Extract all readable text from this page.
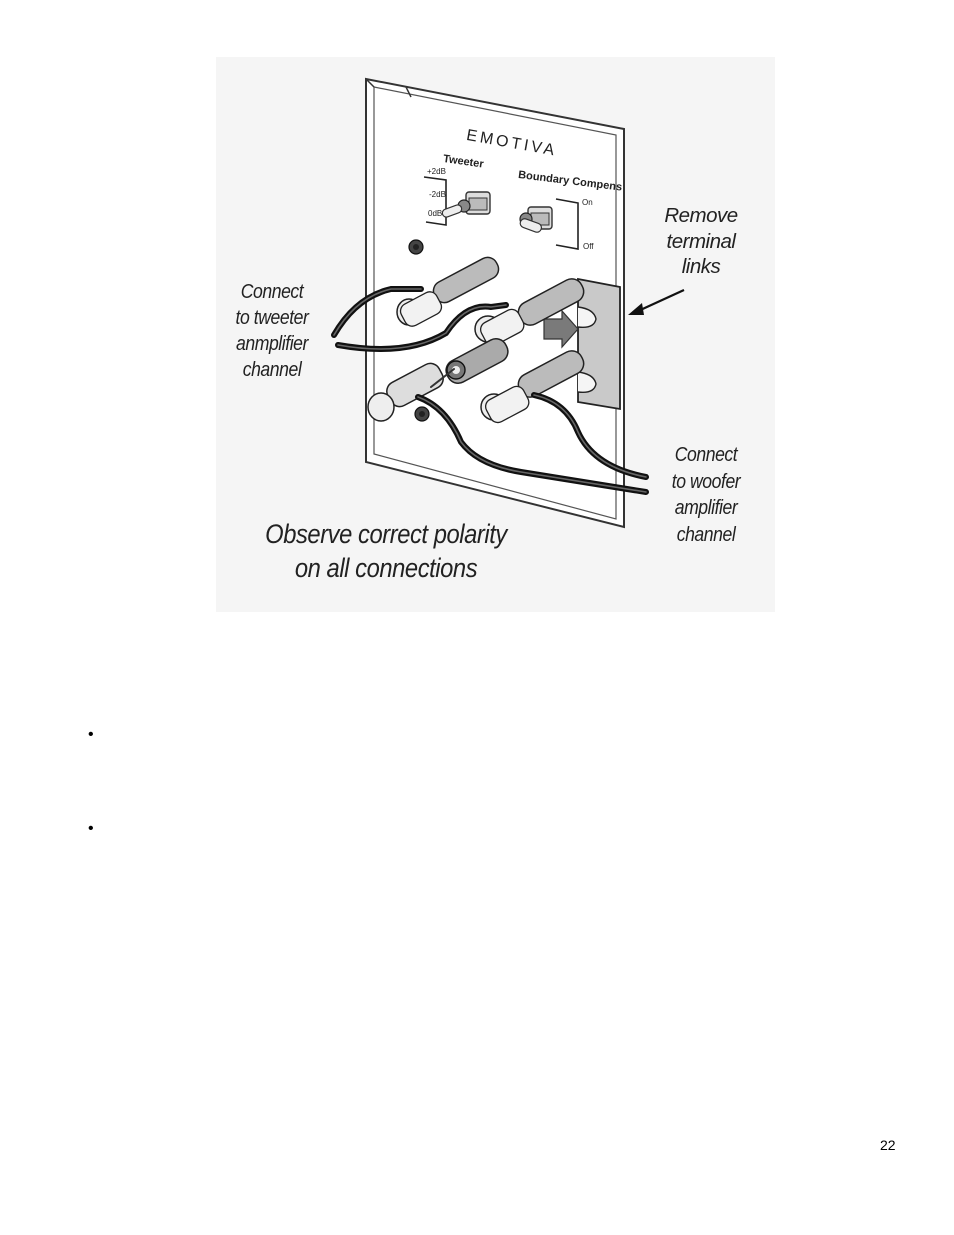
EMOTIVA
Tweeter
+2dB
-2dB
0dB
Boundary Compens
On
Off
Connect
to tweeter
anmplifier
channel
Remove
terminal
links
Connect
to woofer
amplifier
channel
Observe correct polarity
on all connections
•
•
22
